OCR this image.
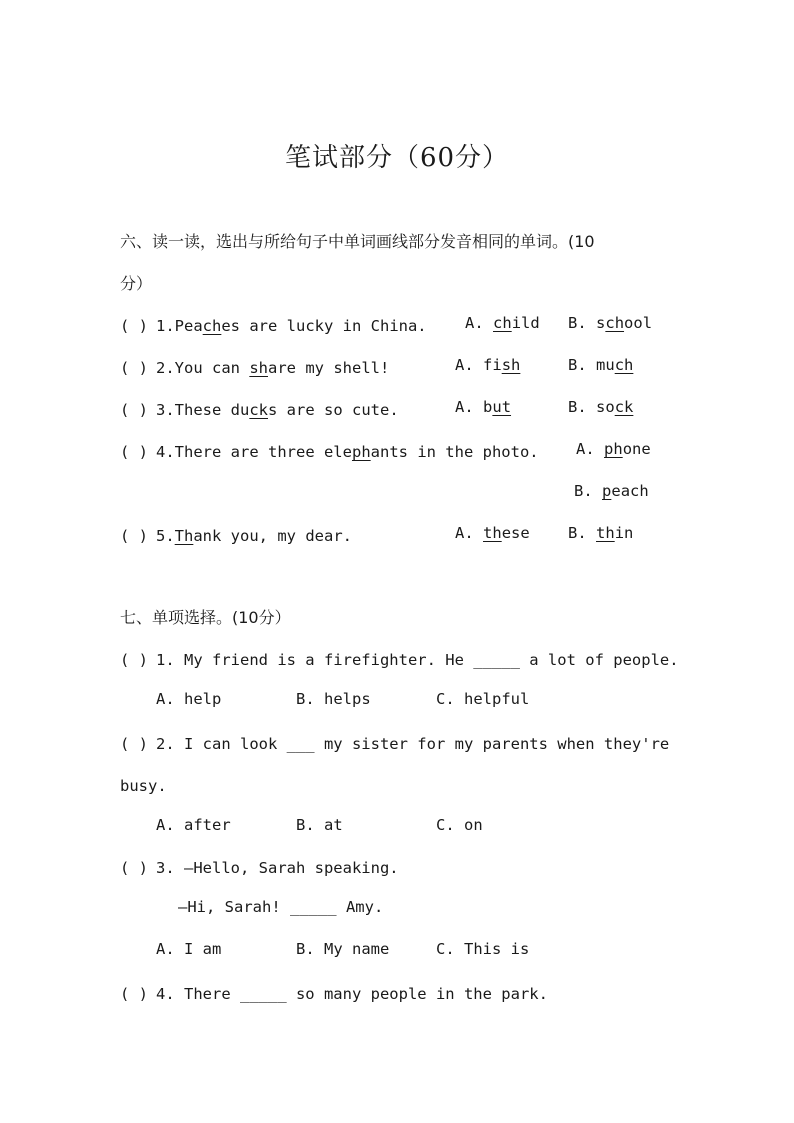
笔试部分（60分）
六、读一读，选出与所给句子中单词画线部分发音相同的单词。(10
分）
( ) 1.Peaches are lucky in China. A. child B. school
( ) 2.You can share my shell!	A. fish	B. much
( ) 3.These ducks are so cute.	A. but	B. sock
( ) 4.There are three elephants in the photo. A. phone
B. peach
( ) 5.Thank you, my dear.	A. these B. thin
七、单项选择。(10分）
( ) 1. My friend is a firefighter. He _____ a lot of people.
A. help	B. helps	C. helpful
( ) 2. I can look ___ my sister for my parents when they're
busy.
A. after	B. at	C. on
( ) 3. —Hello, Sarah speaking.
—Hi, Sarah! _____ Amy.
A. I am	B. My name	C. This is
( ) 4. There _____ so many people in the park.
